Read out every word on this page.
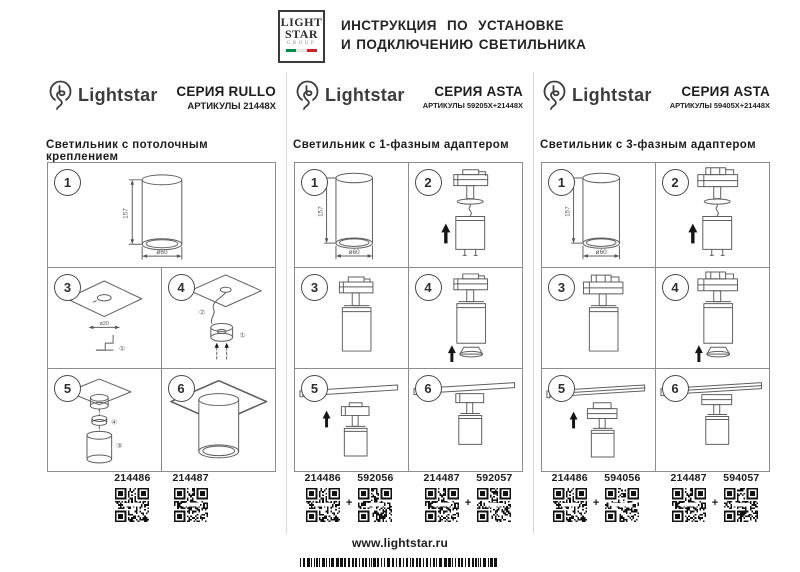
LIGHT
STAR
GROUP
ИНСТРУКЦИЯ ПО УСТАНОВКЕ
И ПОДКЛЮЧЕНИЮ СВЕТИЛЬНИКА
Lightstar СЕРИЯ RULLO
АРТИКУЛЫ 21448X
Светильник с потолочным креплением
1
157
ø60
3
ø20
①
4
②
①
5
④
③
6
214486 214487
Lightstar	СЕРИЯ ASTA
АРТИКУЛЫ 59205X+21448X
Светильник с 1-фазным адаптером
1
157
ø60
2
3	4
5	6
214486
+
592056	214487
+
592057
Lightstar	СЕРИЯ ASTA
АРТИКУЛЫ 59405X+21448X
Светильник с 3-фазным адаптером
1
157
ø60
2
3	4
5	6
214486
+
594056	214487
+
594057
www.lightstar.ru
